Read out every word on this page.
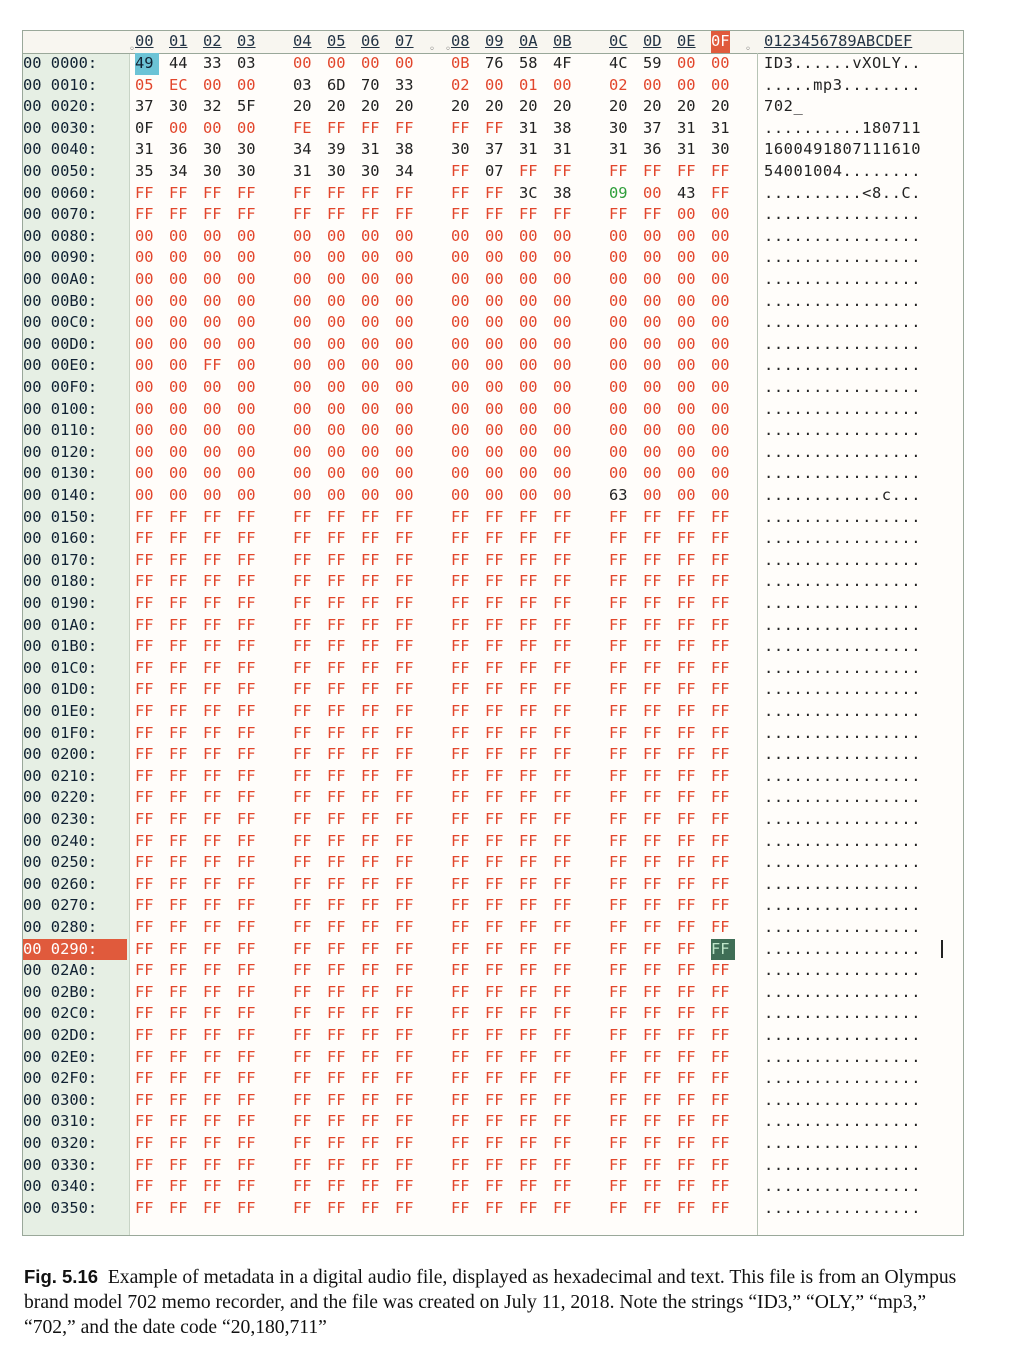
00 01 02 03 04 05 06 07 08 09 0A 0B 0C 0D 0E 0F 0123456789ABCDEF
◦	◦ ◦	◦
00 0000:	49	44	33	03	00	00	00	00	0B	76	58	4F	4C	59	00	00	ID3......vXOLY..
00 0010:	05	EC	00	00	03	6D	70	33	02	00	01	00	02	00	00	00	.....mp3........
00 0020:	37	30	32	5F	20	20	20	20	20	20	20	20	20	20	20	20	702_
00 0030:	0F	00	00	00	FE	FF	FF	FF	FF	FF	31	38	30	37	31	31	..........180711
00 0040:	31	36	30	30	34	39	31	38	30	37	31	31	31	36	31	30	1600491807111610
00 0050:	35	34	30	30	31	30	30	34	FF	07	FF	FF	FF	FF	FF	FF	54001004........
00 0060:	FF	FF	FF	FF	FF	FF	FF	FF	FF	FF	3C	38	09	00	43	FF	..........<8..C.
00 0070:	FF	FF	FF	FF	FF	FF	FF	FF	FF	FF	FF	FF	FF	FF	00	00	................
00 0080:	00	00	00	00	00	00	00	00	00	00	00	00	00	00	00	00	................
00 0090:	00	00	00	00	00	00	00	00	00	00	00	00	00	00	00	00	................
00 00A0:	00	00	00	00	00	00	00	00	00	00	00	00	00	00	00	00	................
00 00B0:	00	00	00	00	00	00	00	00	00	00	00	00	00	00	00	00	................
00 00C0:	00	00	00	00	00	00	00	00	00	00	00	00	00	00	00	00	................
00 00D0:	00	00	00	00	00	00	00	00	00	00	00	00	00	00	00	00	................
00 00E0:	00	00	FF	00	00	00	00	00	00	00	00	00	00	00	00	00	................
00 00F0:	00	00	00	00	00	00	00	00	00	00	00	00	00	00	00	00	................
00 0100:	00	00	00	00	00	00	00	00	00	00	00	00	00	00	00	00	................
00 0110:	00	00	00	00	00	00	00	00	00	00	00	00	00	00	00	00	................
00 0120:	00	00	00	00	00	00	00	00	00	00	00	00	00	00	00	00	................
00 0130:	00	00	00	00	00	00	00	00	00	00	00	00	00	00	00	00	................
00 0140:	00	00	00	00	00	00	00	00	00	00	00	00	63	00	00	00	............c...
00 0150:	FF	FF	FF	FF	FF	FF	FF	FF	FF	FF	FF	FF	FF	FF	FF	FF	................
00 0160:	FF	FF	FF	FF	FF	FF	FF	FF	FF	FF	FF	FF	FF	FF	FF	FF	................
00 0170:	FF	FF	FF	FF	FF	FF	FF	FF	FF	FF	FF	FF	FF	FF	FF	FF	................
00 0180:	FF	FF	FF	FF	FF	FF	FF	FF	FF	FF	FF	FF	FF	FF	FF	FF	................
00 0190:	FF	FF	FF	FF	FF	FF	FF	FF	FF	FF	FF	FF	FF	FF	FF	FF	................
00 01A0:	FF	FF	FF	FF	FF	FF	FF	FF	FF	FF	FF	FF	FF	FF	FF	FF	................
00 01B0:	FF	FF	FF	FF	FF	FF	FF	FF	FF	FF	FF	FF	FF	FF	FF	FF	................
00 01C0:	FF	FF	FF	FF	FF	FF	FF	FF	FF	FF	FF	FF	FF	FF	FF	FF	................
00 01D0:	FF	FF	FF	FF	FF	FF	FF	FF	FF	FF	FF	FF	FF	FF	FF	FF	................
00 01E0:	FF	FF	FF	FF	FF	FF	FF	FF	FF	FF	FF	FF	FF	FF	FF	FF	................
00 01F0:	FF	FF	FF	FF	FF	FF	FF	FF	FF	FF	FF	FF	FF	FF	FF	FF	................
00 0200:	FF	FF	FF	FF	FF	FF	FF	FF	FF	FF	FF	FF	FF	FF	FF	FF	................
00 0210:	FF	FF	FF	FF	FF	FF	FF	FF	FF	FF	FF	FF	FF	FF	FF	FF	................
00 0220:	FF	FF	FF	FF	FF	FF	FF	FF	FF	FF	FF	FF	FF	FF	FF	FF	................
00 0230:	FF	FF	FF	FF	FF	FF	FF	FF	FF	FF	FF	FF	FF	FF	FF	FF	................
00 0240:	FF	FF	FF	FF	FF	FF	FF	FF	FF	FF	FF	FF	FF	FF	FF	FF	................
00 0250:	FF	FF	FF	FF	FF	FF	FF	FF	FF	FF	FF	FF	FF	FF	FF	FF	................
00 0260:	FF	FF	FF	FF	FF	FF	FF	FF	FF	FF	FF	FF	FF	FF	FF	FF	................
00 0270:	FF	FF	FF	FF	FF	FF	FF	FF	FF	FF	FF	FF	FF	FF	FF	FF	................
00 0280:	FF	FF	FF	FF	FF	FF	FF	FF	FF	FF	FF	FF	FF	FF	FF	FF	................
00 0290:	FF	FF	FF	FF	FF	FF	FF	FF	FF	FF	FF	FF	FF	FF	FF	FF	................
00 02A0:	FF	FF	FF	FF	FF	FF	FF	FF	FF	FF	FF	FF	FF	FF	FF	FF	................
00 02B0:	FF	FF	FF	FF	FF	FF	FF	FF	FF	FF	FF	FF	FF	FF	FF	FF	................
00 02C0:	FF	FF	FF	FF	FF	FF	FF	FF	FF	FF	FF	FF	FF	FF	FF	FF	................
00 02D0:	FF	FF	FF	FF	FF	FF	FF	FF	FF	FF	FF	FF	FF	FF	FF	FF	................
00 02E0:	FF	FF	FF	FF	FF	FF	FF	FF	FF	FF	FF	FF	FF	FF	FF	FF	................
00 02F0:	FF	FF	FF	FF	FF	FF	FF	FF	FF	FF	FF	FF	FF	FF	FF	FF	................
00 0300:	FF	FF	FF	FF	FF	FF	FF	FF	FF	FF	FF	FF	FF	FF	FF	FF	................
00 0310:	FF	FF	FF	FF	FF	FF	FF	FF	FF	FF	FF	FF	FF	FF	FF	FF	................
00 0320:	FF	FF	FF	FF	FF	FF	FF	FF	FF	FF	FF	FF	FF	FF	FF	FF	................
00 0330:	FF	FF	FF	FF	FF	FF	FF	FF	FF	FF	FF	FF	FF	FF	FF	FF	................
00 0340:	FF	FF	FF	FF	FF	FF	FF	FF	FF	FF	FF	FF	FF	FF	FF	FF	................
00 0350:	FF	FF	FF	FF	FF	FF	FF	FF	FF	FF	FF	FF	FF	FF	FF	FF	................
Fig. 5.16 Example of metadata in a digital audio file, displayed as hexadecimal and text. This file is from an Olympus brand model 702 memo recorder, and the file was created on July 11, 2018. Note the strings “ID3,” “OLY,” “mp3,” “702,” and the date code “20,180,711”
